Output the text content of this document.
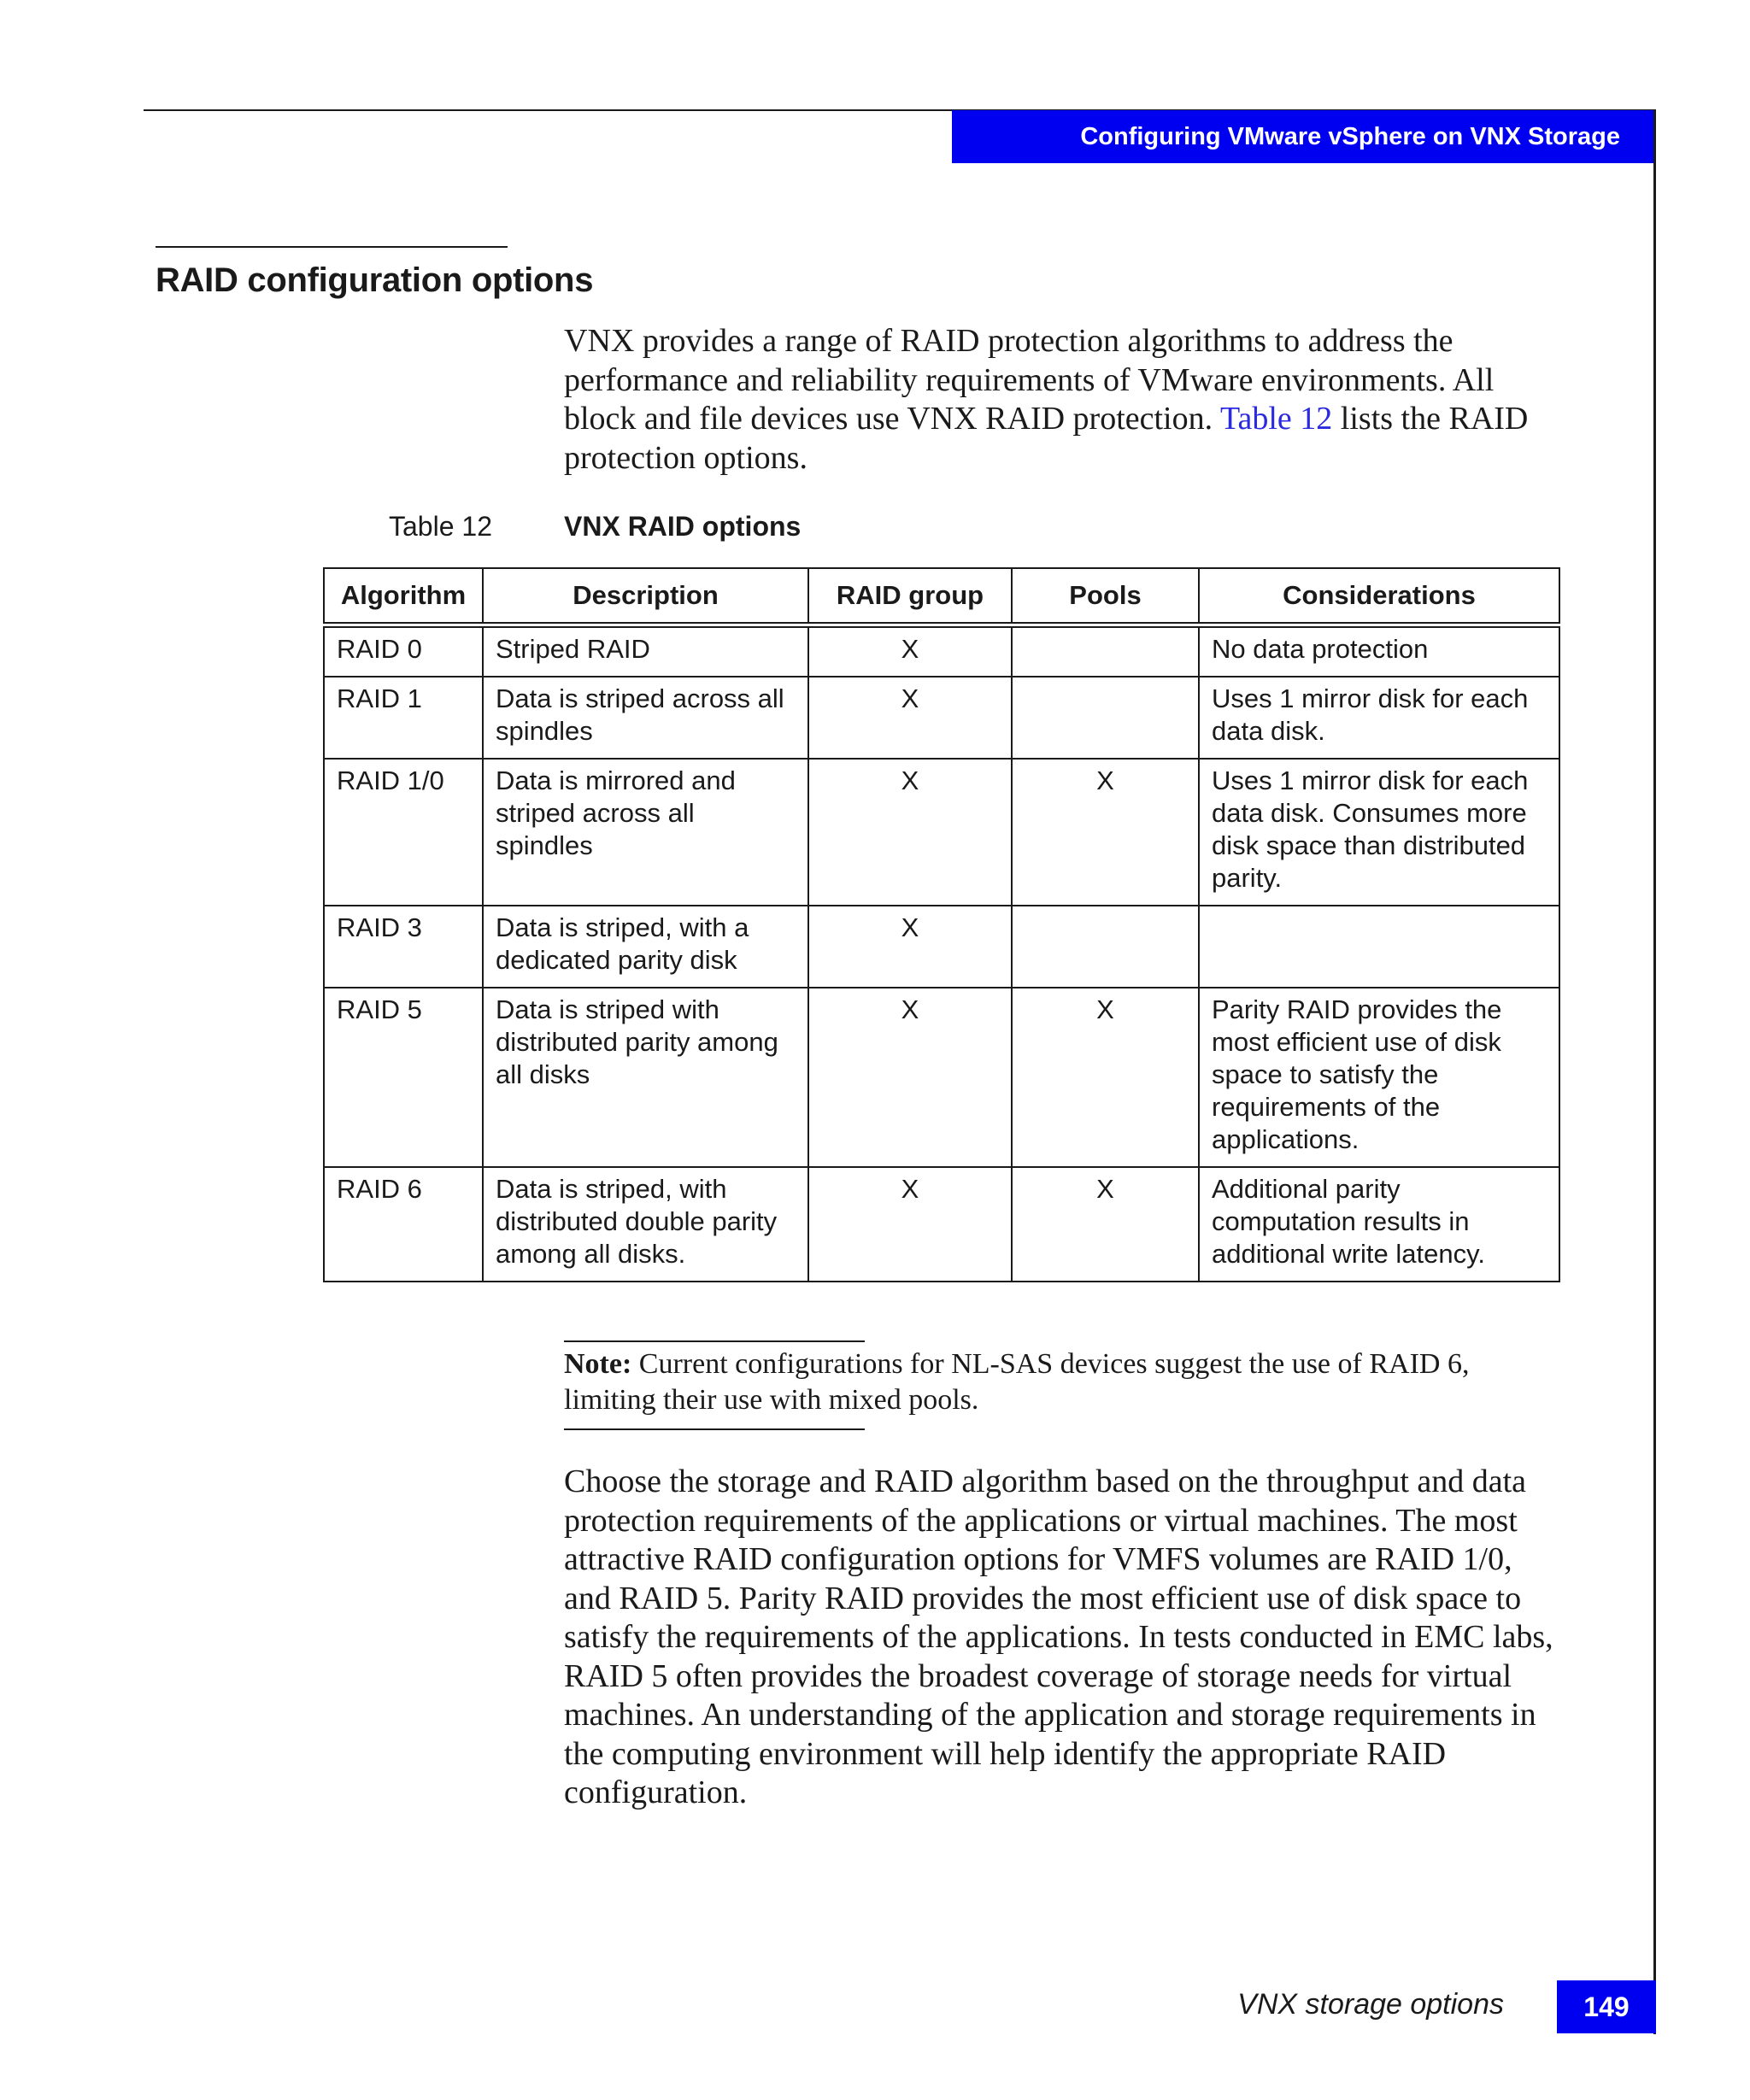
Configuring VMware vSphere on VNX Storage
RAID configuration options

VNX provides a range of RAID protection algorithms to address the performance and reliability requirements of VMware environments. All block and file devices use VNX RAID protection. Table 12 lists the RAID protection options.

Table 12	VNX RAID options
Algorithm	Description	RAID group	Pools	Considerations
RAID 0	Striped RAID	X		No data protection
RAID 1	Data is striped across all spindles	X		Uses 1 mirror disk for each data disk.
RAID 1/0	Data is mirrored and striped across all spindles	X	X	Uses 1 mirror disk for each data disk. Consumes more disk space than distributed parity.
RAID 3	Data is striped, with a dedicated parity disk	X		
RAID 5	Data is striped with distributed parity among all disks	X	X	Parity RAID provides the most efficient use of disk space to satisfy the requirements of the applications.
RAID 6	Data is striped, with distributed double parity among all disks.	X	X	Additional parity computation results in additional write latency.

Note: Current configurations for NL-SAS devices suggest the use of RAID 6, limiting their use with mixed pools.

Choose the storage and RAID algorithm based on the throughput and data protection requirements of the applications or virtual machines. The most attractive RAID configuration options for VMFS volumes are RAID 1/0, and RAID 5. Parity RAID provides the most efficient use of disk space to satisfy the requirements of the applications. In tests conducted in EMC labs, RAID 5 often provides the broadest coverage of storage needs for virtual machines. An understanding of the application and storage requirements in the computing environment will help identify the appropriate RAID configuration.

VNX storage options	149
